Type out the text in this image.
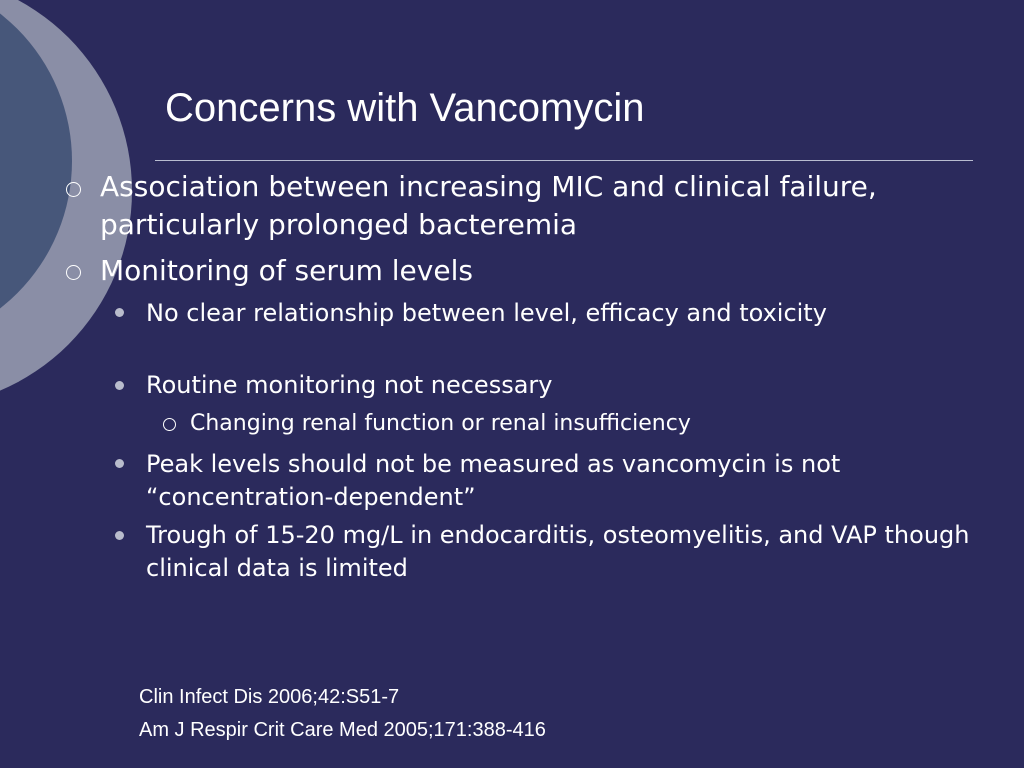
Concerns with Vancomycin

Association between increasing MIC and clinical failure, particularly prolonged bacteremia

Monitoring of serum levels

No clear relationship between level, efficacy and toxicity

Routine monitoring not necessary

Changing renal function or renal insufficiency

Peak levels should not be measured as vancomycin is not “concentration-dependent”

Trough of 15-20 mg/L in endocarditis, osteomyelitis, and VAP though clinical data is limited

Clin Infect Dis 2006;42:S51-7
Am J Respir Crit Care Med 2005;171:388-416
